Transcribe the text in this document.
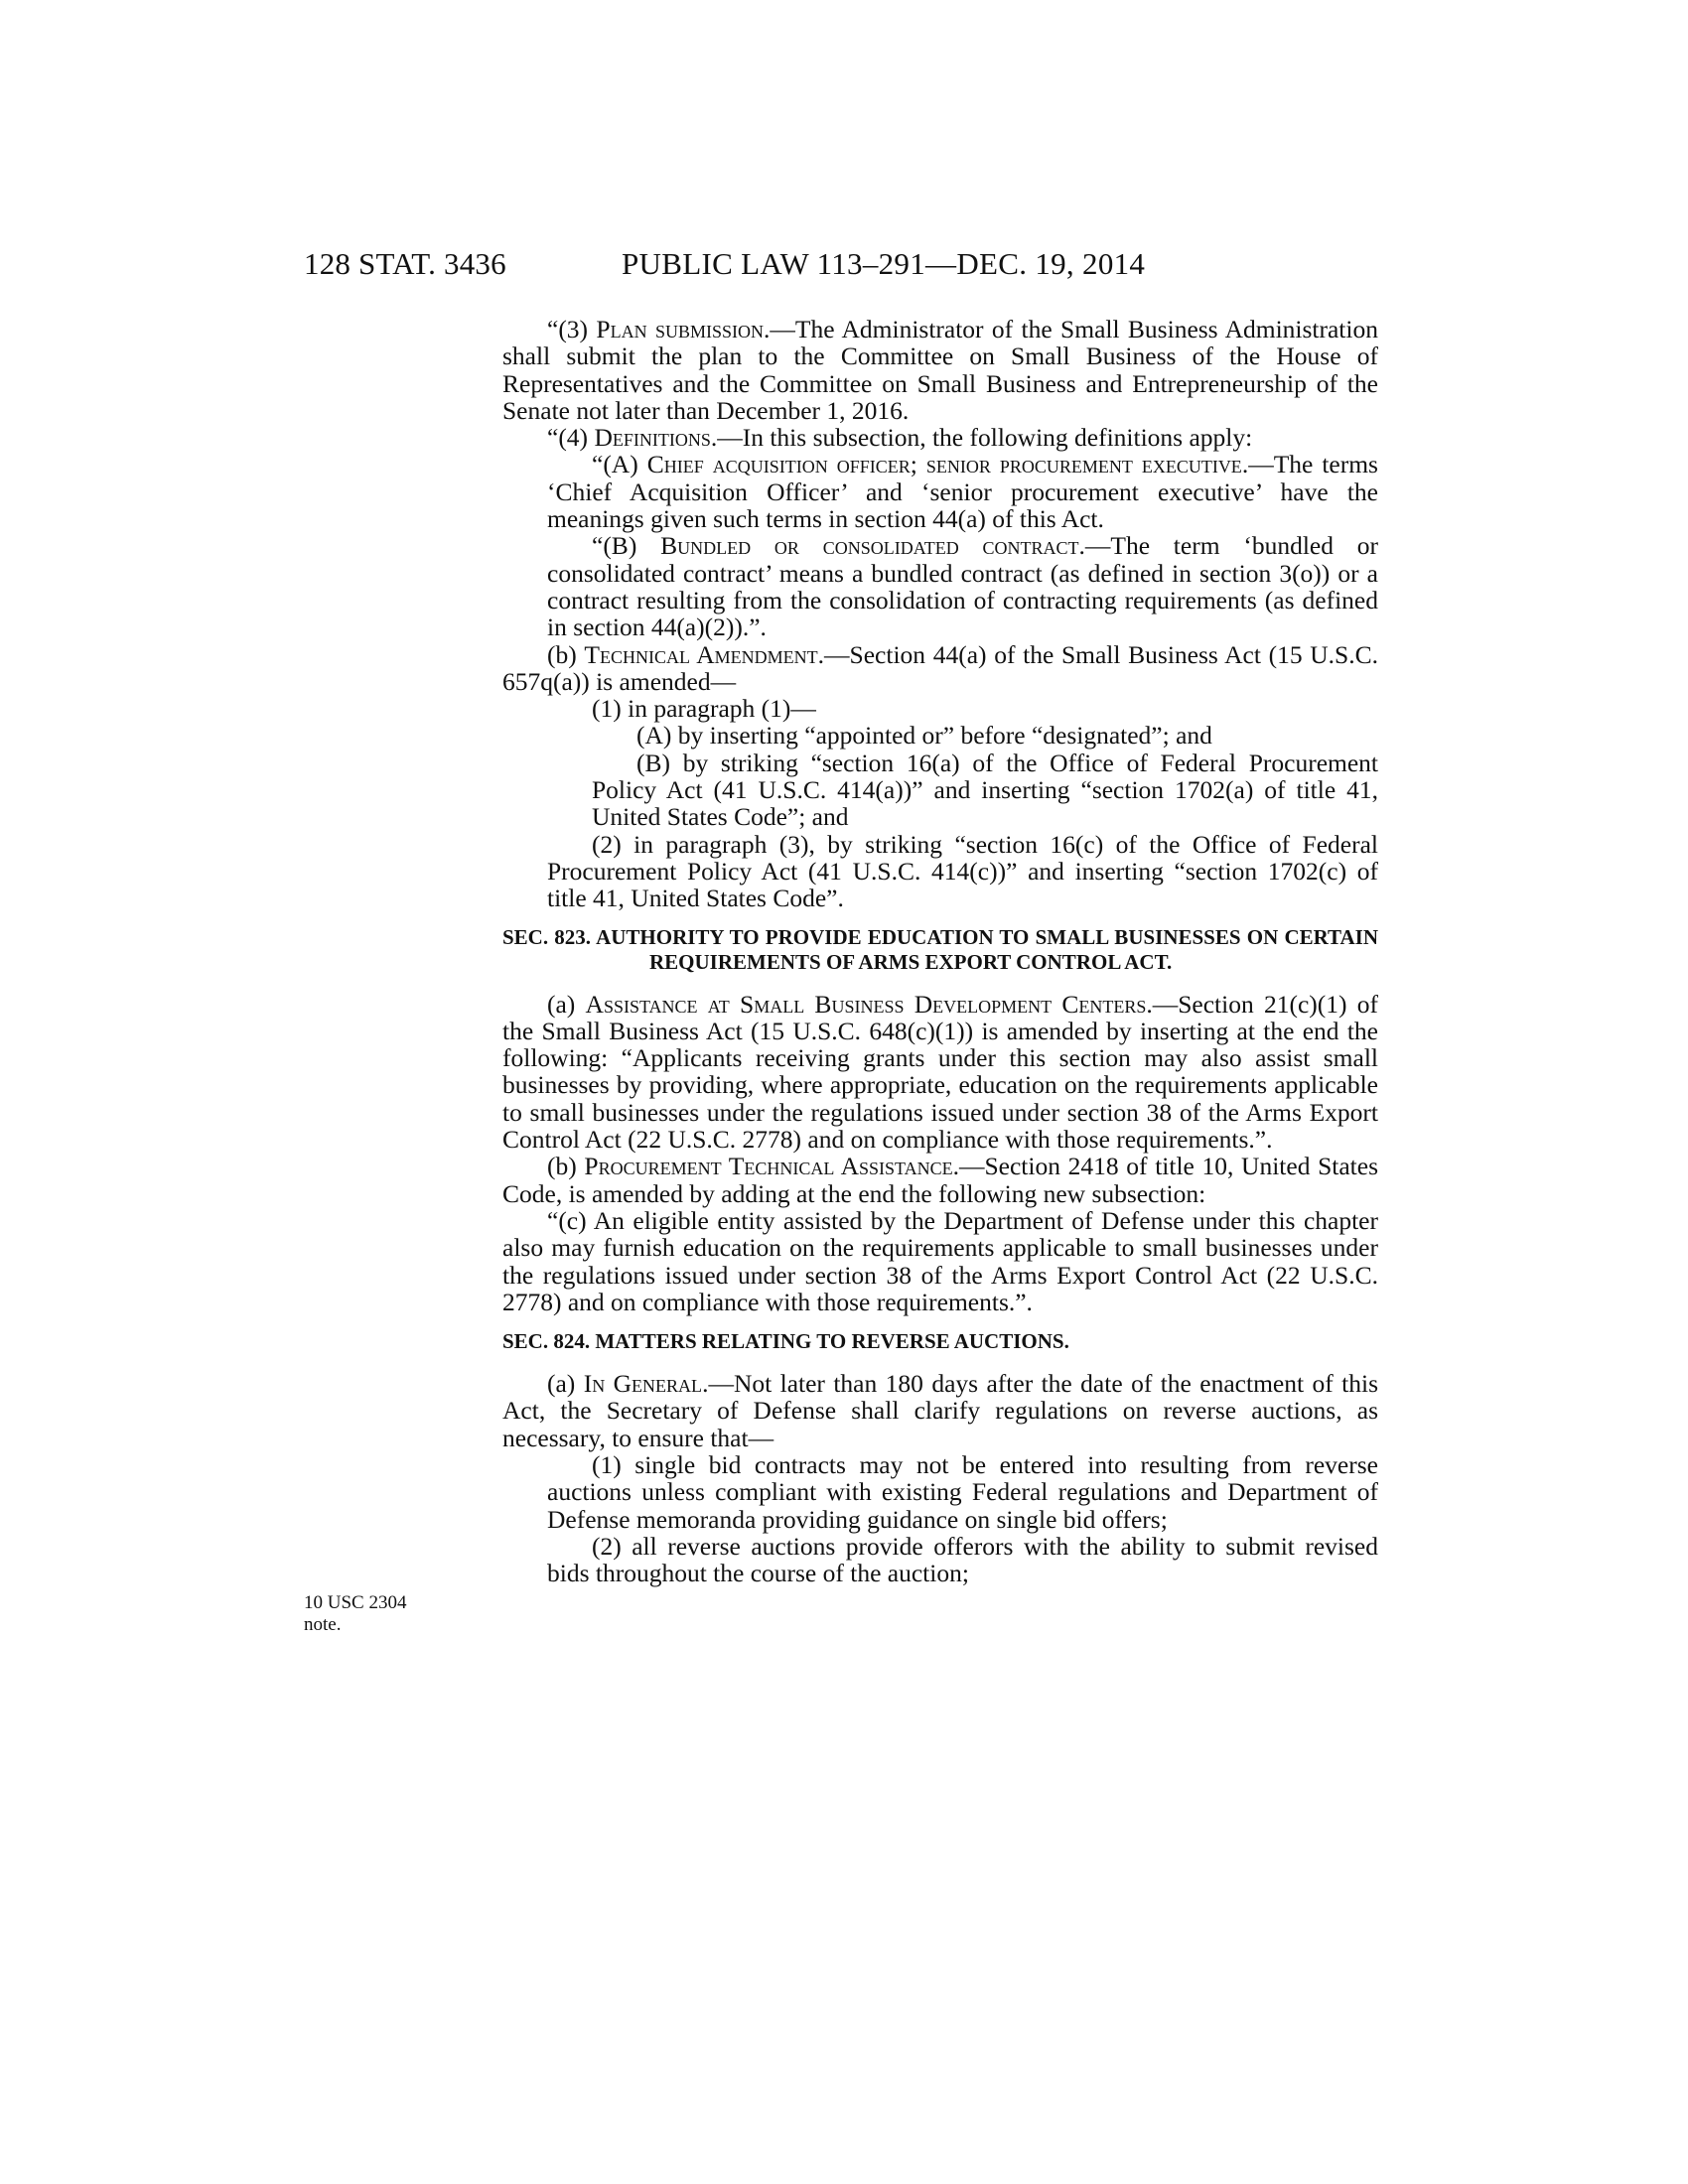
128 STAT. 3436	PUBLIC LAW 113–291—DEC. 19, 2014
10 USC 2304
note.

“(3) Plan submission.—The Administrator of the Small Business Administration shall submit the plan to the Committee on Small Business of the House of Representatives and the Committee on Small Business and Entrepreneurship of the Senate not later than December 1, 2016.

“(4) Definitions.—In this subsection, the following definitions apply:

“(A) Chief acquisition officer; senior procurement executive.—The terms ‘Chief Acquisition Officer’ and ‘senior procurement executive’ have the meanings given such terms in section 44(a) of this Act.

“(B) Bundled or consolidated contract.—The term ‘bundled or consolidated contract’ means a bundled contract (as defined in section 3(o)) or a contract resulting from the consolidation of contracting requirements (as defined in section 44(a)(2)).”.

(b) Technical Amendment.—Section 44(a) of the Small Business Act (15 U.S.C. 657q(a)) is amended—

(1) in paragraph (1)—

(A) by inserting “appointed or” before “designated”; and

(B) by striking “section 16(a) of the Office of Federal Procurement Policy Act (41 U.S.C. 414(a))” and inserting “section 1702(a) of title 41, United States Code”; and

(2) in paragraph (3), by striking “section 16(c) of the Office of Federal Procurement Policy Act (41 U.S.C. 414(c))” and inserting “section 1702(c) of title 41, United States Code”.

SEC. 823. AUTHORITY TO PROVIDE EDUCATION TO SMALL BUSINESSES ON CERTAIN REQUIREMENTS OF ARMS EXPORT CONTROL ACT.

(a) Assistance at Small Business Development Centers.—Section 21(c)(1) of the Small Business Act (15 U.S.C. 648(c)(1)) is amended by inserting at the end the following: “Applicants receiving grants under this section may also assist small businesses by providing, where appropriate, education on the requirements applicable to small businesses under the regulations issued under section 38 of the Arms Export Control Act (22 U.S.C. 2778) and on compliance with those requirements.”.

(b) Procurement Technical Assistance.—Section 2418 of title 10, United States Code, is amended by adding at the end the following new subsection:

“(c) An eligible entity assisted by the Department of Defense under this chapter also may furnish education on the requirements applicable to small businesses under the regulations issued under section 38 of the Arms Export Control Act (22 U.S.C. 2778) and on compliance with those requirements.”.

SEC. 824. MATTERS RELATING TO REVERSE AUCTIONS.

(a) In General.—Not later than 180 days after the date of the enactment of this Act, the Secretary of Defense shall clarify regulations on reverse auctions, as necessary, to ensure that—

(1) single bid contracts may not be entered into resulting from reverse auctions unless compliant with existing Federal regulations and Department of Defense memoranda providing guidance on single bid offers;

(2) all reverse auctions provide offerors with the ability to submit revised bids throughout the course of the auction;
